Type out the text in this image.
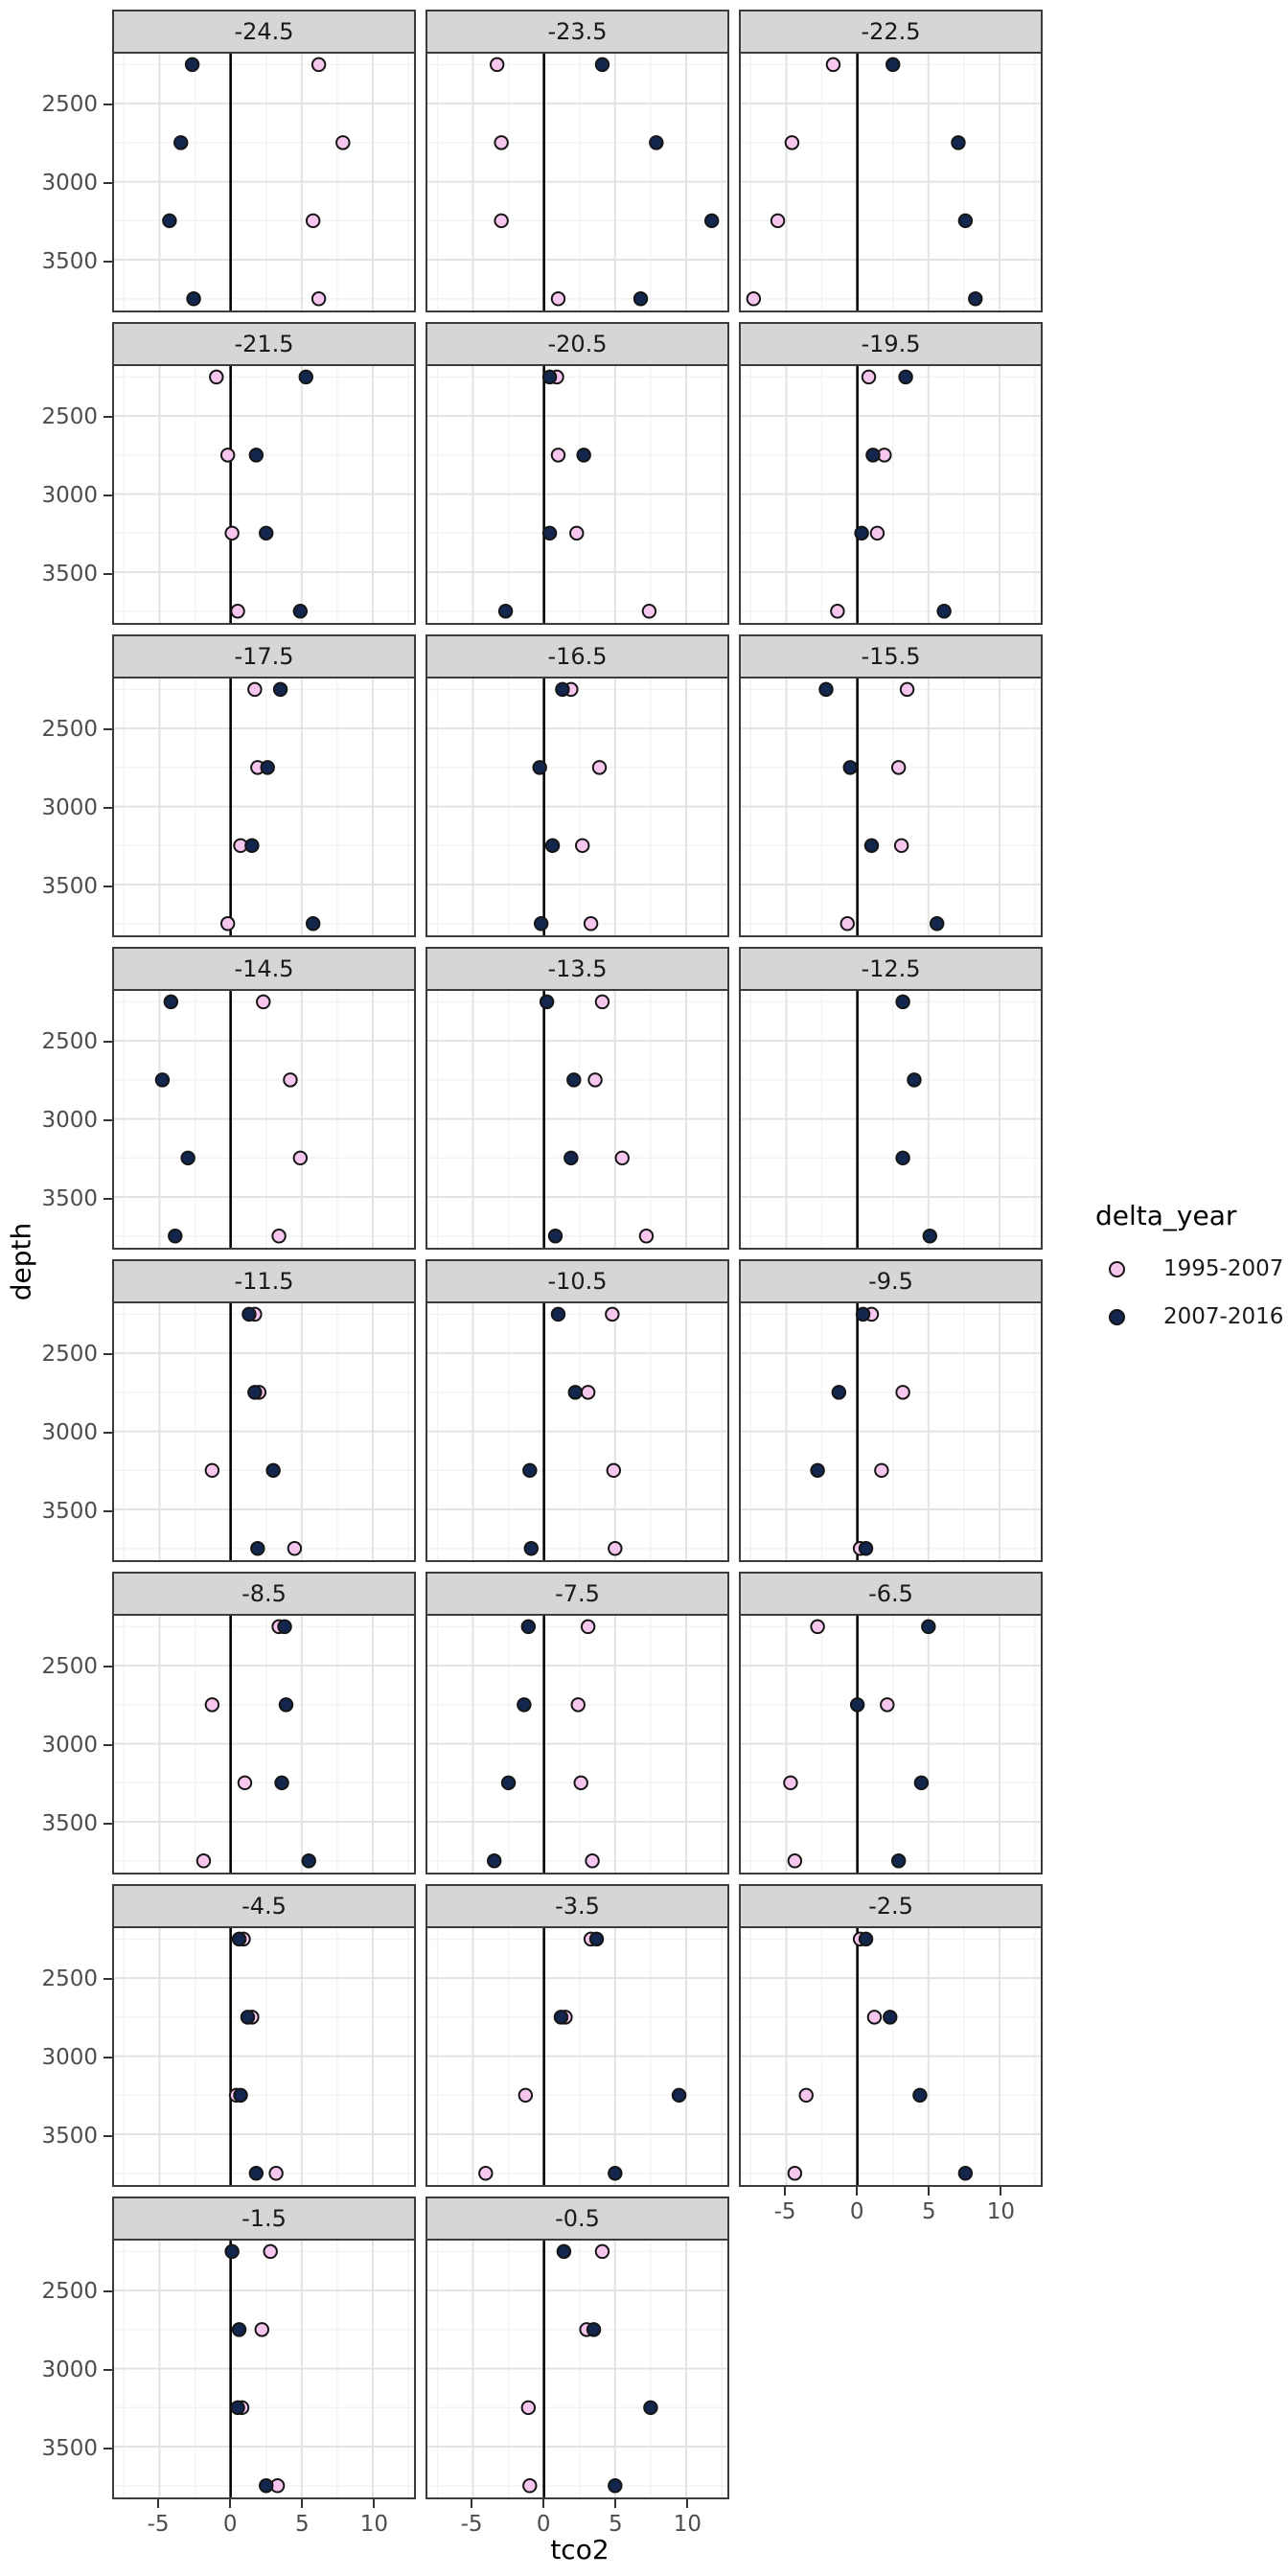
depth
-24.5	-23.5	-22.5
-21.5	-20.5	-19.5
-17.5	-16.5	-15.5
-14.5	-13.5	-12.5
-11.5	-10.5	-9.5
-8.5	-7.5	-6.5
-4.5	-3.5	-2.5
-1.5	-0.5
tco2
delta_year
1995-2007
2007-2016
2500
3000
3500
2500
3000
3500
2500
3000
3500
2500
3000
3500
2500
3000
3500
2500
3000
3500
2500
3000
3500
-5 0	5 10
2500
3000
3500
-5 0	5 10	-5 0	5 10
